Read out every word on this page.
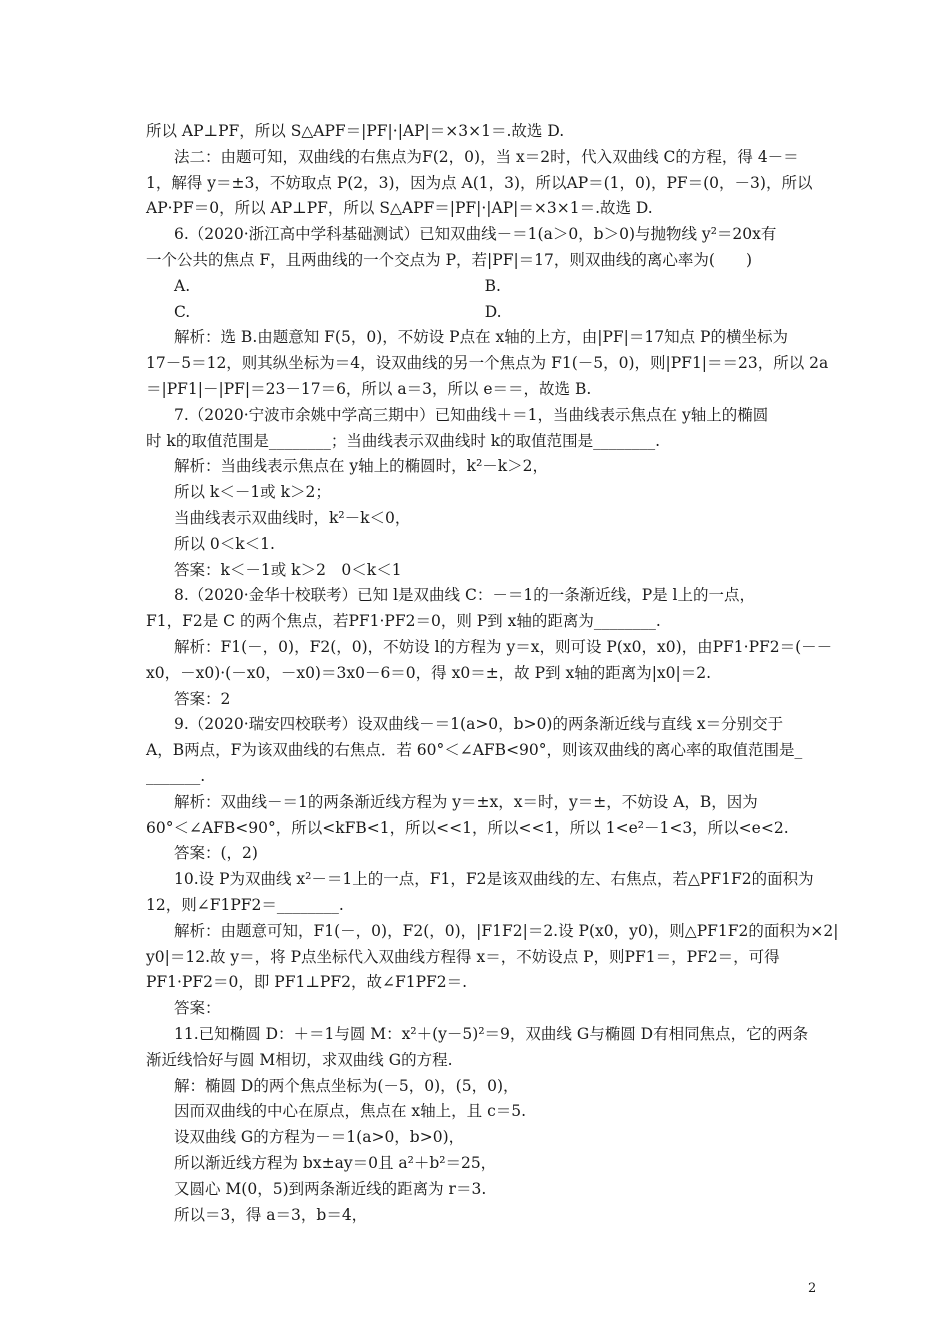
所以 AP⊥PF，所以 S△APF＝|PF|·|AP|＝×3×1＝.故选 D.
法二：由题可知，双曲线的右焦点为F(2，0)，当 x＝2时，代入双曲线 C的方程，得 4－＝
1，解得 y＝±3，不妨取点 P(2，3)，因为点 A(1，3)，所以AP＝(1，0)，PF＝(0，－3)，所以
AP·PF＝0，所以 AP⊥PF，所以 S△APF＝|PF|·|AP|＝×3×1＝.故选 D.
6.（2020·浙江高中学科基础测试）已知双曲线－＝1(a＞0，b＞0)与抛物线 y²＝20x有
一个公共的焦点 F，且两曲线的一个交点为 P，若|PF|＝17，则双曲线的离心率为(　　)
A.　　　　　　　　　　　　　　　　　　　B.
C.　　　　　　　　　　　　　　　　　　　D.
解析：选 B.由题意知 F(5，0)，不妨设 P点在 x轴的上方，由|PF|＝17知点 P的横坐标为
17－5＝12，则其纵坐标为＝4，设双曲线的另一个焦点为 F1(－5，0)，则|PF1|＝＝23，所以 2a
＝|PF1|－|PF|＝23－17＝6，所以 a＝3，所以 e＝＝，故选 B.
7.（2020·宁波市余姚中学高三期中）已知曲线＋＝1，当曲线表示焦点在 y轴上的椭圆
时 k的取值范围是________；当曲线表示双曲线时 k的取值范围是________.
解析：当曲线表示焦点在 y轴上的椭圆时，k²－k＞2，
所以 k＜－1或 k＞2；
当曲线表示双曲线时，k²－k＜0，
所以 0＜k＜1.
答案：k＜－1或 k＞2　0＜k＜1
8.（2020·金华十校联考）已知 l是双曲线 C：－＝1的一条渐近线，P是 l上的一点，
F1，F2是 C 的两个焦点，若PF1·PF2＝0，则 P到 x轴的距离为________.
解析：F1(－，0)，F2(，0)，不妨设 l的方程为 y＝x，则可设 P(x0，x0)，由PF1·PF2＝(－－
x0，－x0)·(－x0，－x0)＝3x0－6＝0，得 x0＝±，故 P到 x轴的距离为|x0|＝2.
答案：2
9.（2020·瑞安四校联考）设双曲线－＝1(a>0，b>0)的两条渐近线与直线 x＝分别交于
A，B两点，F为该双曲线的右焦点．若 60°＜∠AFB<90°，则该双曲线的离心率的取值范围是_
_______.
解析：双曲线－＝1的两条渐近线方程为 y＝±x，x＝时，y＝±，不妨设 A，B，因为
60°＜∠AFB<90°，所以<kFB<1，所以<<1，所以<<1，所以 1<e²－1<3，所以<e<2.
答案：(，2)
10.设 P为双曲线 x²－＝1上的一点，F1，F2是该双曲线的左、右焦点，若△PF1F2的面积为
12，则∠F1PF2＝________.
解析：由题意可知，F1(－，0)，F2(，0)，|F1F2|＝2.设 P(x0，y0)，则△PF1F2的面积为×2|
y0|＝12.故 y＝，将 P点坐标代入双曲线方程得 x＝，不妨设点 P，则PF1＝，PF2＝，可得
PF1·PF2＝0，即 PF1⊥PF2，故∠F1PF2＝.
答案：
11.已知椭圆 D：＋＝1与圆 M：x²＋(y－5)²＝9，双曲线 G与椭圆 D有相同焦点，它的两条
渐近线恰好与圆 M相切，求双曲线 G的方程.
解：椭圆 D的两个焦点坐标为(－5，0)，(5，0)，
因而双曲线的中心在原点，焦点在 x轴上，且 c＝5.
设双曲线 G的方程为－＝1(a>0，b>0)，
所以渐近线方程为 bx±ay＝0且 a²＋b²＝25，
又圆心 M(0，5)到两条渐近线的距离为 r＝3.
所以＝3，得 a＝3，b＝4，
2
